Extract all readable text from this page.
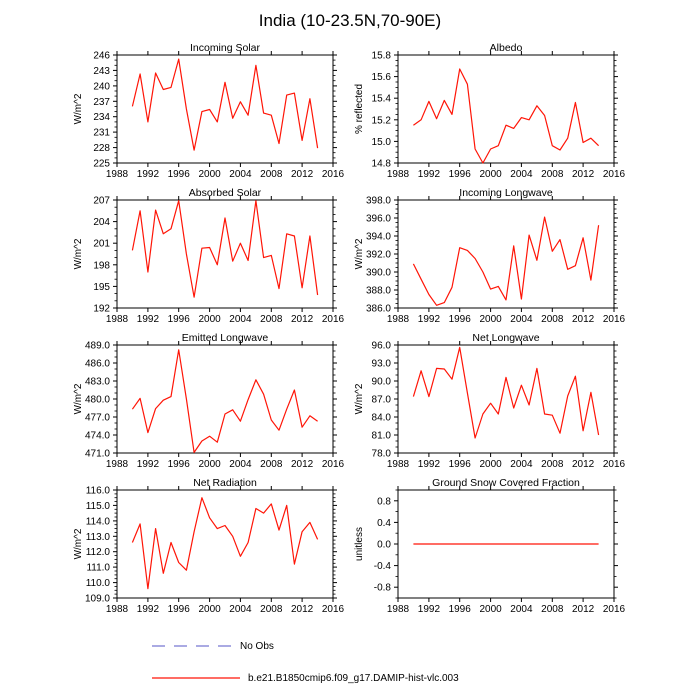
India (10-23.5N,70-90E)
Incoming Solar
1988 1992 1996 2000 2004 2008 2012 2016
225
228
231
234
237
240
243
246
W/m^2
Albedo
1988 1992 1996 2000 2004 2008 2012 2016
14.8
15.0
15.2
15.4
15.6
15.8
% reflected
Absorbed Solar
1988 1992 1996 2000 2004 2008 2012 2016
192
195
198
201
204
207
W/m^2
Incoming Longwave
1988 1992 1996 2000 2004 2008 2012 2016
386.0
388.0
390.0
392.0
394.0
396.0
398.0
W/m^2
Emitted Longwave
1988 1992 1996 2000 2004 2008 2012 2016
471.0
474.0
477.0
480.0
483.0
486.0
489.0
W/m^2
Net Longwave
1988 1992 1996 2000 2004 2008 2012 2016
78.0
81.0
84.0
87.0
90.0
93.0
96.0
W/m^2
Net Radiation
1988 1992 1996 2000 2004 2008 2012 2016
109.0
110.0
111.0
112.0
113.0
114.0
115.0
116.0
W/m^2
Ground Snow Covered Fraction
1988 1992 1996 2000 2004 2008 2012 2016
-0.8
-0.4
0.0
0.4
0.8
unitless
No Obs
b.e21.B1850cmip6.f09_g17.DAMIP-hist-vlc.003
